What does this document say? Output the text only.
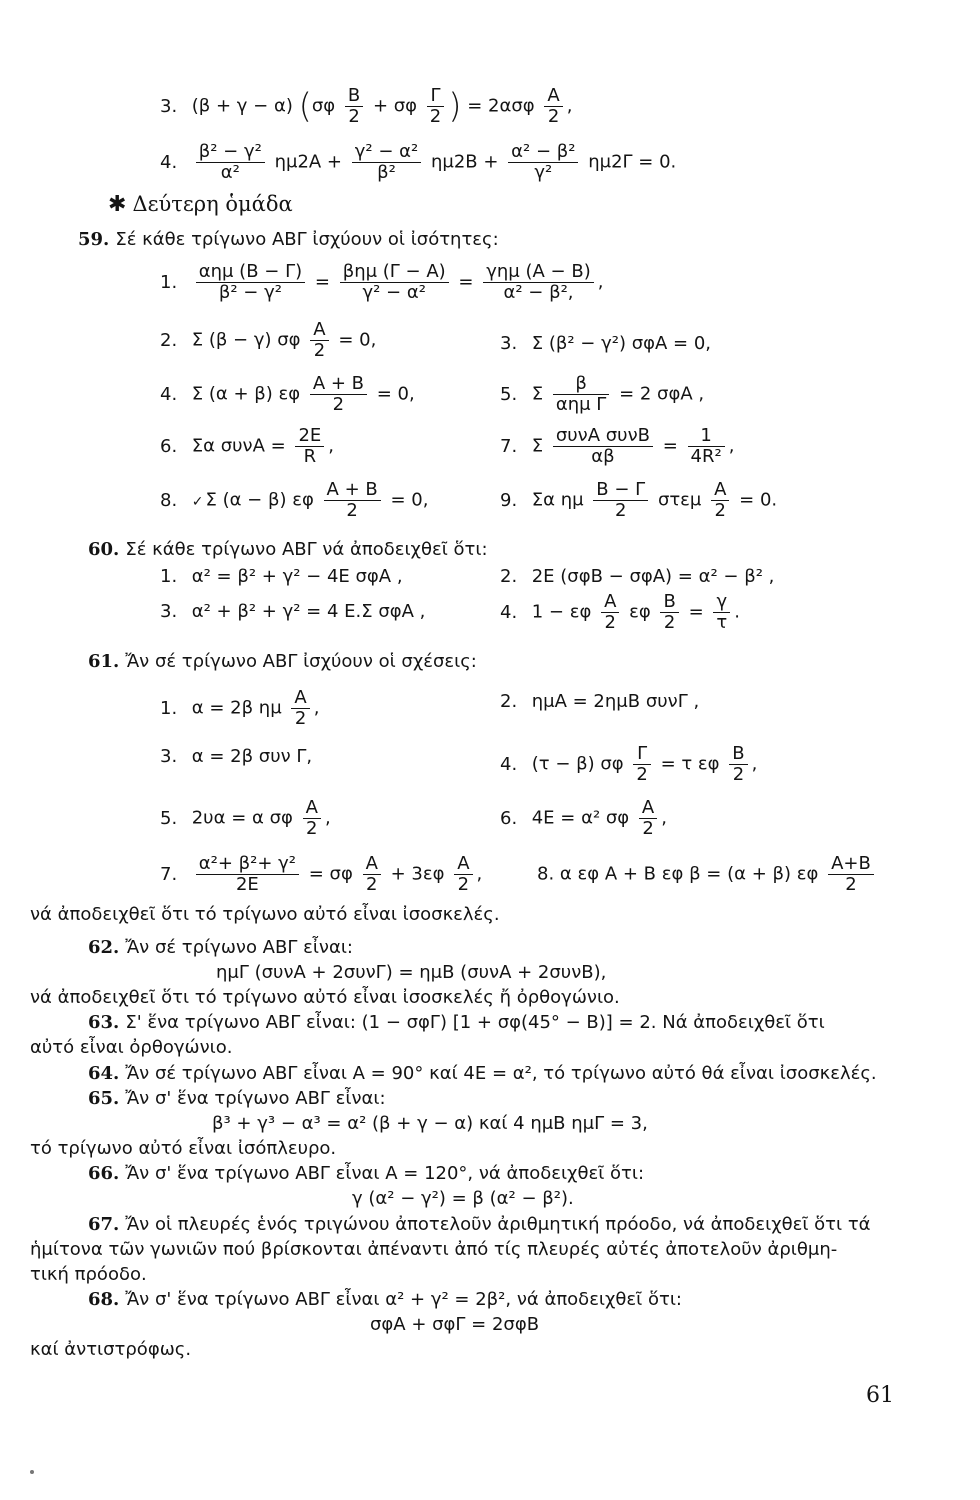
3. (β + γ − α) ($\sigma\varphi \frac{B}{2} + \sigma\varphi \frac{\Gamma}{2}$ ) = $2\alpha\sigma\varphi \frac{A}{2}$ ,
4. $\frac{\text{β² − γ²}}{\text{α²}} \eta\mu 2A + \frac{\text{γ² − α²}}{\text{β²}} \eta\mu 2B + \frac{\text{α² − β²}}{\text{γ²}} \eta\mu 2\Gamma = 0$.
✱ Δεύτερη ὁμάδα
59. Σέ κάθε τρίγωνο ΑΒΓ ἰσχύουν οἱ ἰσότητες:
1. $\frac{\text{αημ (Β − Γ)}}{\text{β² − γ²}} = \frac{\text{βημ (Γ − Α)}}{\text{γ² − α²}} = \frac{\text{γημ (Α − Β)}}{\text{α² − β²,}}$ ,
2. Σ (β − γ) σφ $\frac{A}{2} = 0$,	3. Σ (β² − γ²) σφΑ = 0,
4. Σ (α + β) εφ $\frac{A + B}{2} = 0$,	5. Σ $\frac{\beta}{\text{αημ Γ}} = 2$ σφΑ ,
6. Σα $\sigma\upsilon\nu A = \frac{2E}{R}$ ,	7. Σ $\frac{\text{συνΑ συνΒ}}{\alpha\beta} = \frac{1}{\text{4R²}}$ ,
8. ✓ Σ (α − β) εφ $\frac{A + B}{2} = 0$,	9. Σα ημ $\frac{B - \Gamma}{2}$ στεμ $\frac{A}{2} = 0$.
60. Σέ κάθε τρίγωνο ΑΒΓ νά ἀποδειχθεῖ ὅτι:
1. α² = β² + γ² − 4Ε σφΑ ,	2. 2Ε (σφΒ − σφΑ) = α² − β² ,
3. α² + β² + γ² = 4 Ε.Σ σφΑ ,	4. 1 − εφ $\frac{A}{2}$ εφ $\frac{B}{2} = \frac{\gamma}{\tau}$ .
61. Ἄν σέ τρίγωνο ΑΒΓ ἰσχύουν οἱ σχέσεις:
1. α = 2β ημ $\frac{A}{2}$ ,	2. ημΑ = 2ημΒ συνΓ ,
3. α = 2β συν Γ,	4. (τ − β) σφ $\frac{\Gamma}{2} = \tau$ εφ $\frac{B}{2}$ ,
5. 2υα = α σφ $\frac{A}{2}$ ,	6. 4Ε = α² σφ $\frac{A}{2}$ ,
7. $\frac{\text{α²+ β²+ γ²}}{2E} = \sigma\varphi \frac{A}{2} + 3\varepsilon\varphi \frac{A}{2}$ ,	8. α εφ Α + Β εφ β = (α + β) εφ $\frac{A+B}{2}$
νά ἀποδειχθεῖ ὅτι τό τρίγωνο αὐτό εἶναι ἰσοσκελές.
62. Ἄν σέ τρίγωνο ΑΒΓ εἶναι:
ημΓ (συνΑ + 2συνΓ) = ημΒ (συνΑ + 2συνΒ),
νά ἀποδειχθεῖ ὅτι τό τρίγωνο αὐτό εἶναι ἰσοσκελές ἤ ὀρθογώνιο.
63. Σ' ἕνα τρίγωνο ΑΒΓ εἶναι: (1 − σφΓ) [1 + σφ(45° − Β)] = 2. Νά ἀποδειχθεῖ ὅτι
αὐτό εἶναι ὀρθογώνιο.
64. Ἄν σέ τρίγωνο ΑΒΓ εἶναι Α = 90° καί 4Ε = α², τό τρίγωνο αὐτό θά εἶναι ἰσοσκελές.
65. Ἄν σ' ἕνα τρίγωνο ΑΒΓ εἶναι:
β³ + γ³ − α³ = α² (β + γ − α) καί 4 ημΒ ημΓ = 3,
τό τρίγωνο αὐτό εἶναι ἰσόπλευρο.
66. Ἄν σ' ἕνα τρίγωνο ΑΒΓ εἶναι Α = 120°, νά ἀποδειχθεῖ ὅτι:
γ (α² − γ²) = β (α² − β²).
67. Ἄν οἱ πλευρές ἑνός τριγώνου ἀποτελοῦν ἀριθμητική πρόοδο, νά ἀποδειχθεῖ ὅτι τά
ἡμίτονα τῶν γωνιῶν πού βρίσκονται ἀπέναντι ἀπό τίς πλευρές αὐτές ἀποτελοῦν ἀριθμη-
τική πρόοδο.
68. Ἄν σ' ἕνα τρίγωνο ΑΒΓ εἶναι α² + γ² = 2β², νά ἀποδειχθεῖ ὅτι:
σφΑ + σφΓ = 2σφΒ
καί ἀντιστρόφως.
61
